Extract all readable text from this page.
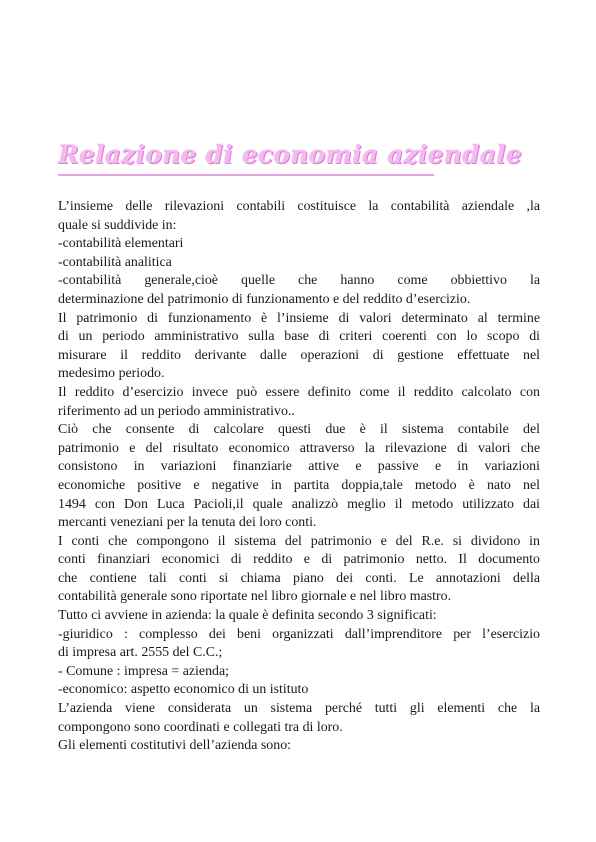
Relazione di economia aziendale
L’insieme delle rilevazioni contabili costituisce la contabilità aziendale ,la
quale si suddivide in:
-contabilità elementari
-contabilità analitica
-contabilità generale,cioè quelle che hanno come obbiettivo la
determinazione del patrimonio di funzionamento e del reddito d’esercizio.
Il patrimonio di funzionamento è l’insieme di valori determinato al termine
di un periodo amministrativo sulla base di criteri coerenti con lo scopo di
misurare il reddito derivante dalle operazioni di gestione effettuate nel
medesimo periodo.
Il reddito d’esercizio invece può essere definito come il reddito calcolato con
riferimento ad un periodo amministrativo..
Ciò che consente di calcolare questi due è il sistema contabile del
patrimonio e del risultato economico attraverso la rilevazione di valori che
consistono in variazioni finanziarie attive e passive e in variazioni
economiche positive e negative in partita doppia,tale metodo è nato nel
1494 con Don Luca Pacioli,il quale analizzò meglio il metodo utilizzato dai
mercanti veneziani per la tenuta dei loro conti.
I conti che compongono il sistema del patrimonio e del R.e. si dividono in
conti finanziari economici di reddito e di patrimonio netto. Il documento
che contiene tali conti si chiama piano dei conti. Le annotazioni della
contabilità generale sono riportate nel libro giornale e nel libro mastro.
Tutto ci avviene in azienda: la quale è definita secondo 3 significati:
-giuridico : complesso dei beni organizzati dall’imprenditore per l’esercizio
di impresa art. 2555 del C.C.;
- Comune : impresa = azienda;
-economico: aspetto economico di un istituto
L’azienda viene considerata un sistema perché tutti gli elementi che la
compongono sono coordinati e collegati tra di loro.
Gli elementi costitutivi dell’azienda sono:
